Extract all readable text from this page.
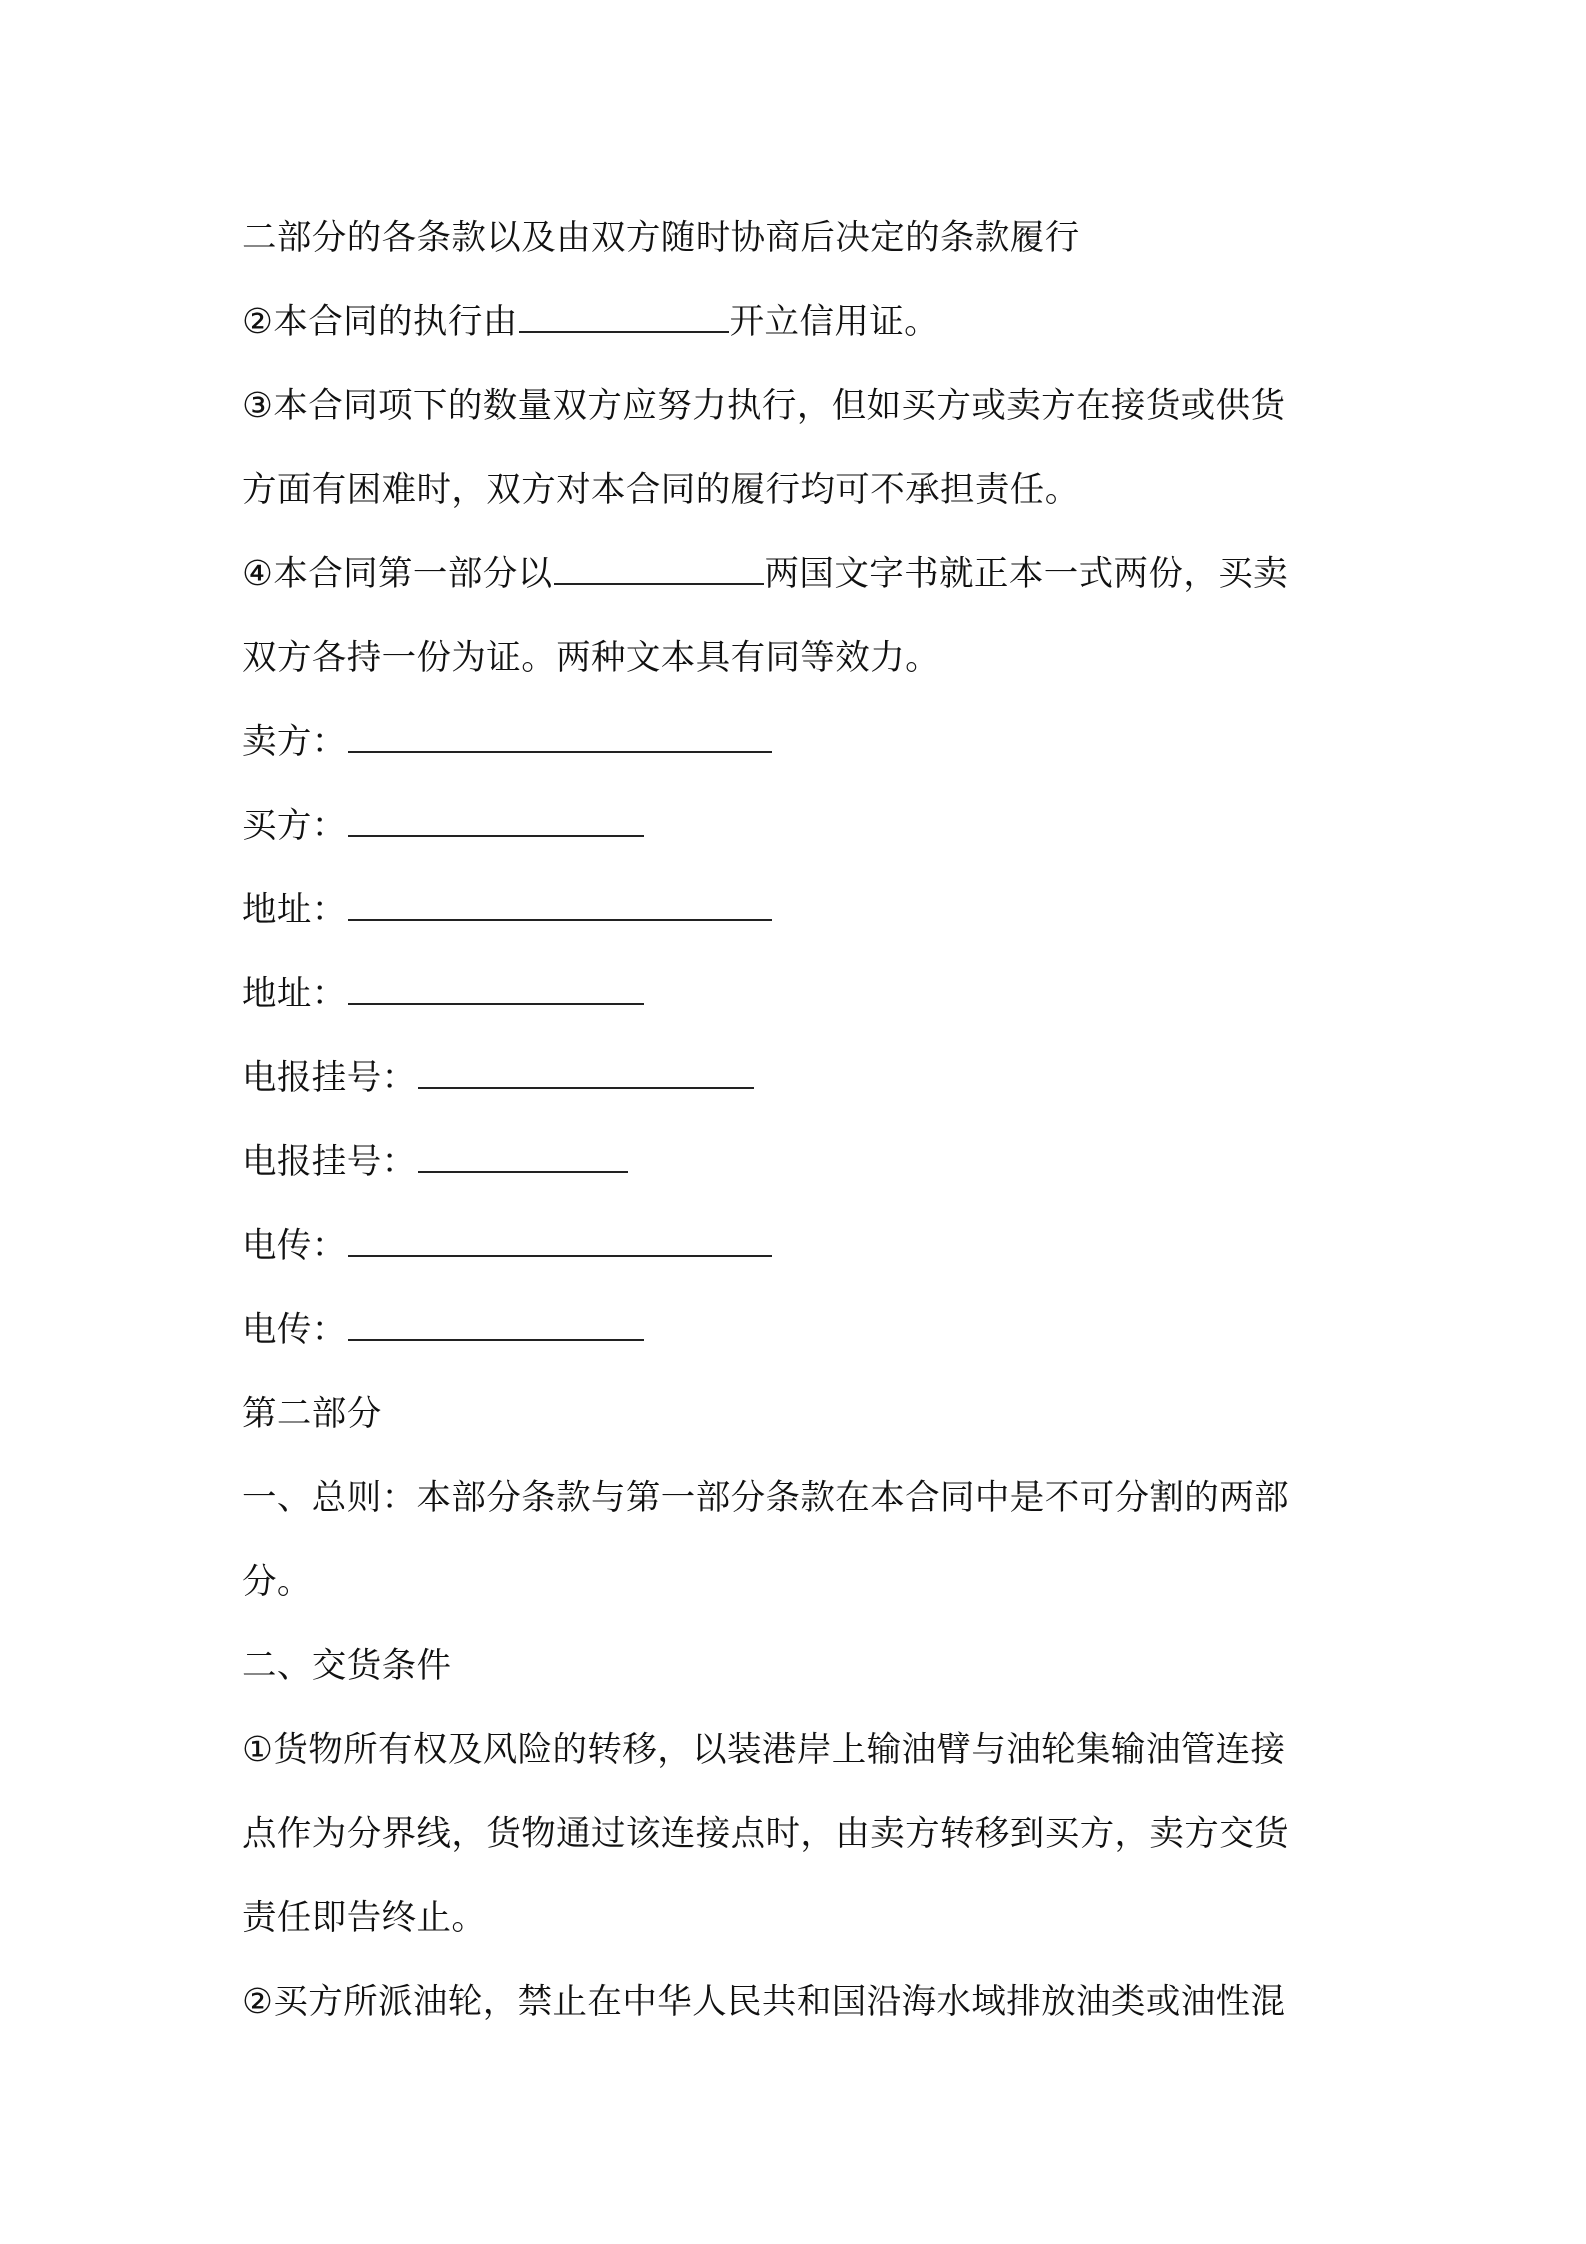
二部分的各条款以及由双方随时协商后决定的条款履行
②本合同的执行由	开立信用证。
③本合同项下的数量双方应努力执行，但如买方或卖方在接货或供货
方面有困难时，双方对本合同的履行均可不承担责任。
④本合同第一部分以	两国文字书就正本一式两份，买卖
双方各持一份为证。两种文本具有同等效力。
卖方：
买方：
地址：
地址：
电报挂号：
电报挂号：
电传：
电传：
第二部分
一、总则：本部分条款与第一部分条款在本合同中是不可分割的两部
分。
二、交货条件
①货物所有权及风险的转移，以装港岸上输油臂与油轮集输油管连接
点作为分界线，货物通过该连接点时，由卖方转移到买方，卖方交货
责任即告终止。
②买方所派油轮，禁止在中华人民共和国沿海水域排放油类或油性混
